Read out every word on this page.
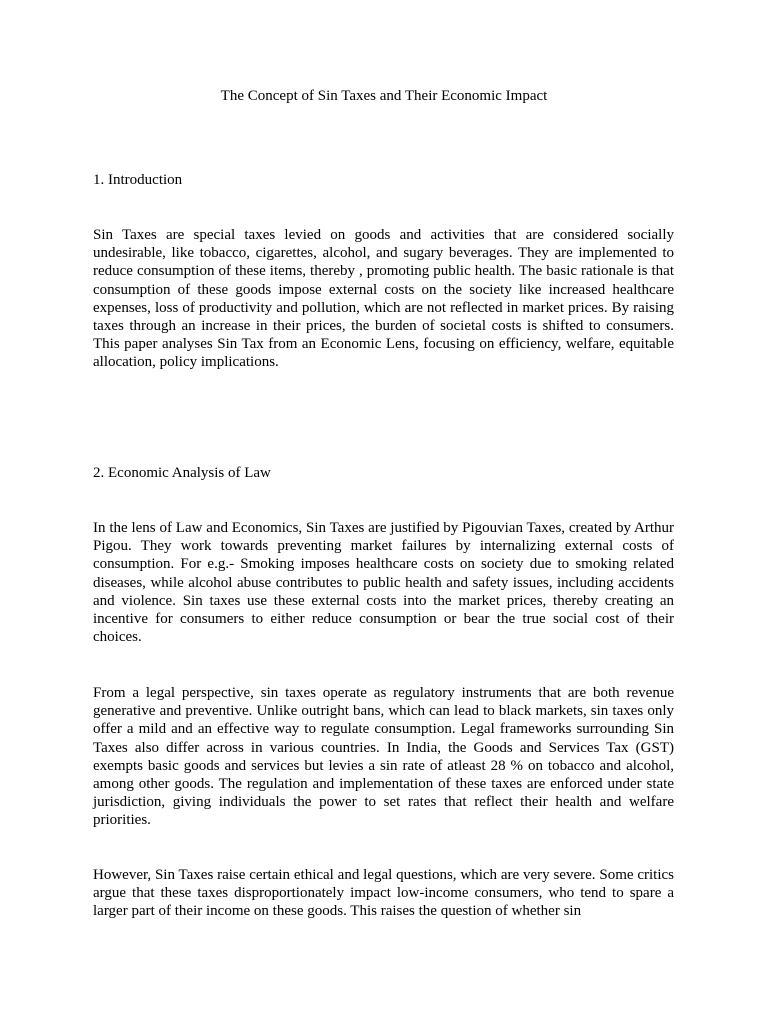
The Concept of Sin Taxes and Their Economic Impact
1. Introduction

Sin Taxes are special taxes levied on goods and activities that are considered socially undesirable, like tobacco, cigarettes, alcohol, and sugary beverages. They are implemented to reduce consumption of these items, thereby , promoting public health. The basic rationale is that consumption of these goods impose external costs on the society like increased healthcare expenses, loss of productivity and pollution, which are not reflected in market prices. By raising taxes through an increase in their prices, the burden of societal costs is shifted to consumers. This paper analyses Sin Tax from an Economic Lens, focusing on efficiency, welfare, equitable allocation, policy implications.

2. Economic Analysis of Law

In the lens of Law and Economics, Sin Taxes are justified by Pigouvian Taxes, created by Arthur Pigou. They work towards preventing market failures by internalizing external costs of consumption. For e.g.- Smoking imposes healthcare costs on society due to smoking related diseases, while alcohol abuse contributes to public health and safety issues, including accidents and violence. Sin taxes use these external costs into the market prices, thereby creating an incentive for consumers to either reduce consumption or bear the true social cost of their choices.

From a legal perspective, sin taxes operate as regulatory instruments that are both revenue generative and preventive. Unlike outright bans, which can lead to black markets, sin taxes only offer a mild and an effective way to regulate consumption. Legal frameworks surrounding Sin Taxes also differ across in various countries. In India, the Goods and Services Tax (GST) exempts basic goods and services but levies a sin rate of atleast 28 % on tobacco and alcohol, among other goods. The regulation and implementation of these taxes are enforced under state jurisdiction, giving individuals the power to set rates that reflect their health and welfare priorities.

However, Sin Taxes raise certain ethical and legal questions, which are very severe. Some critics argue that these taxes disproportionately impact low-income consumers, who tend to spare a larger part of their income on these goods. This raises the question of whether sin
